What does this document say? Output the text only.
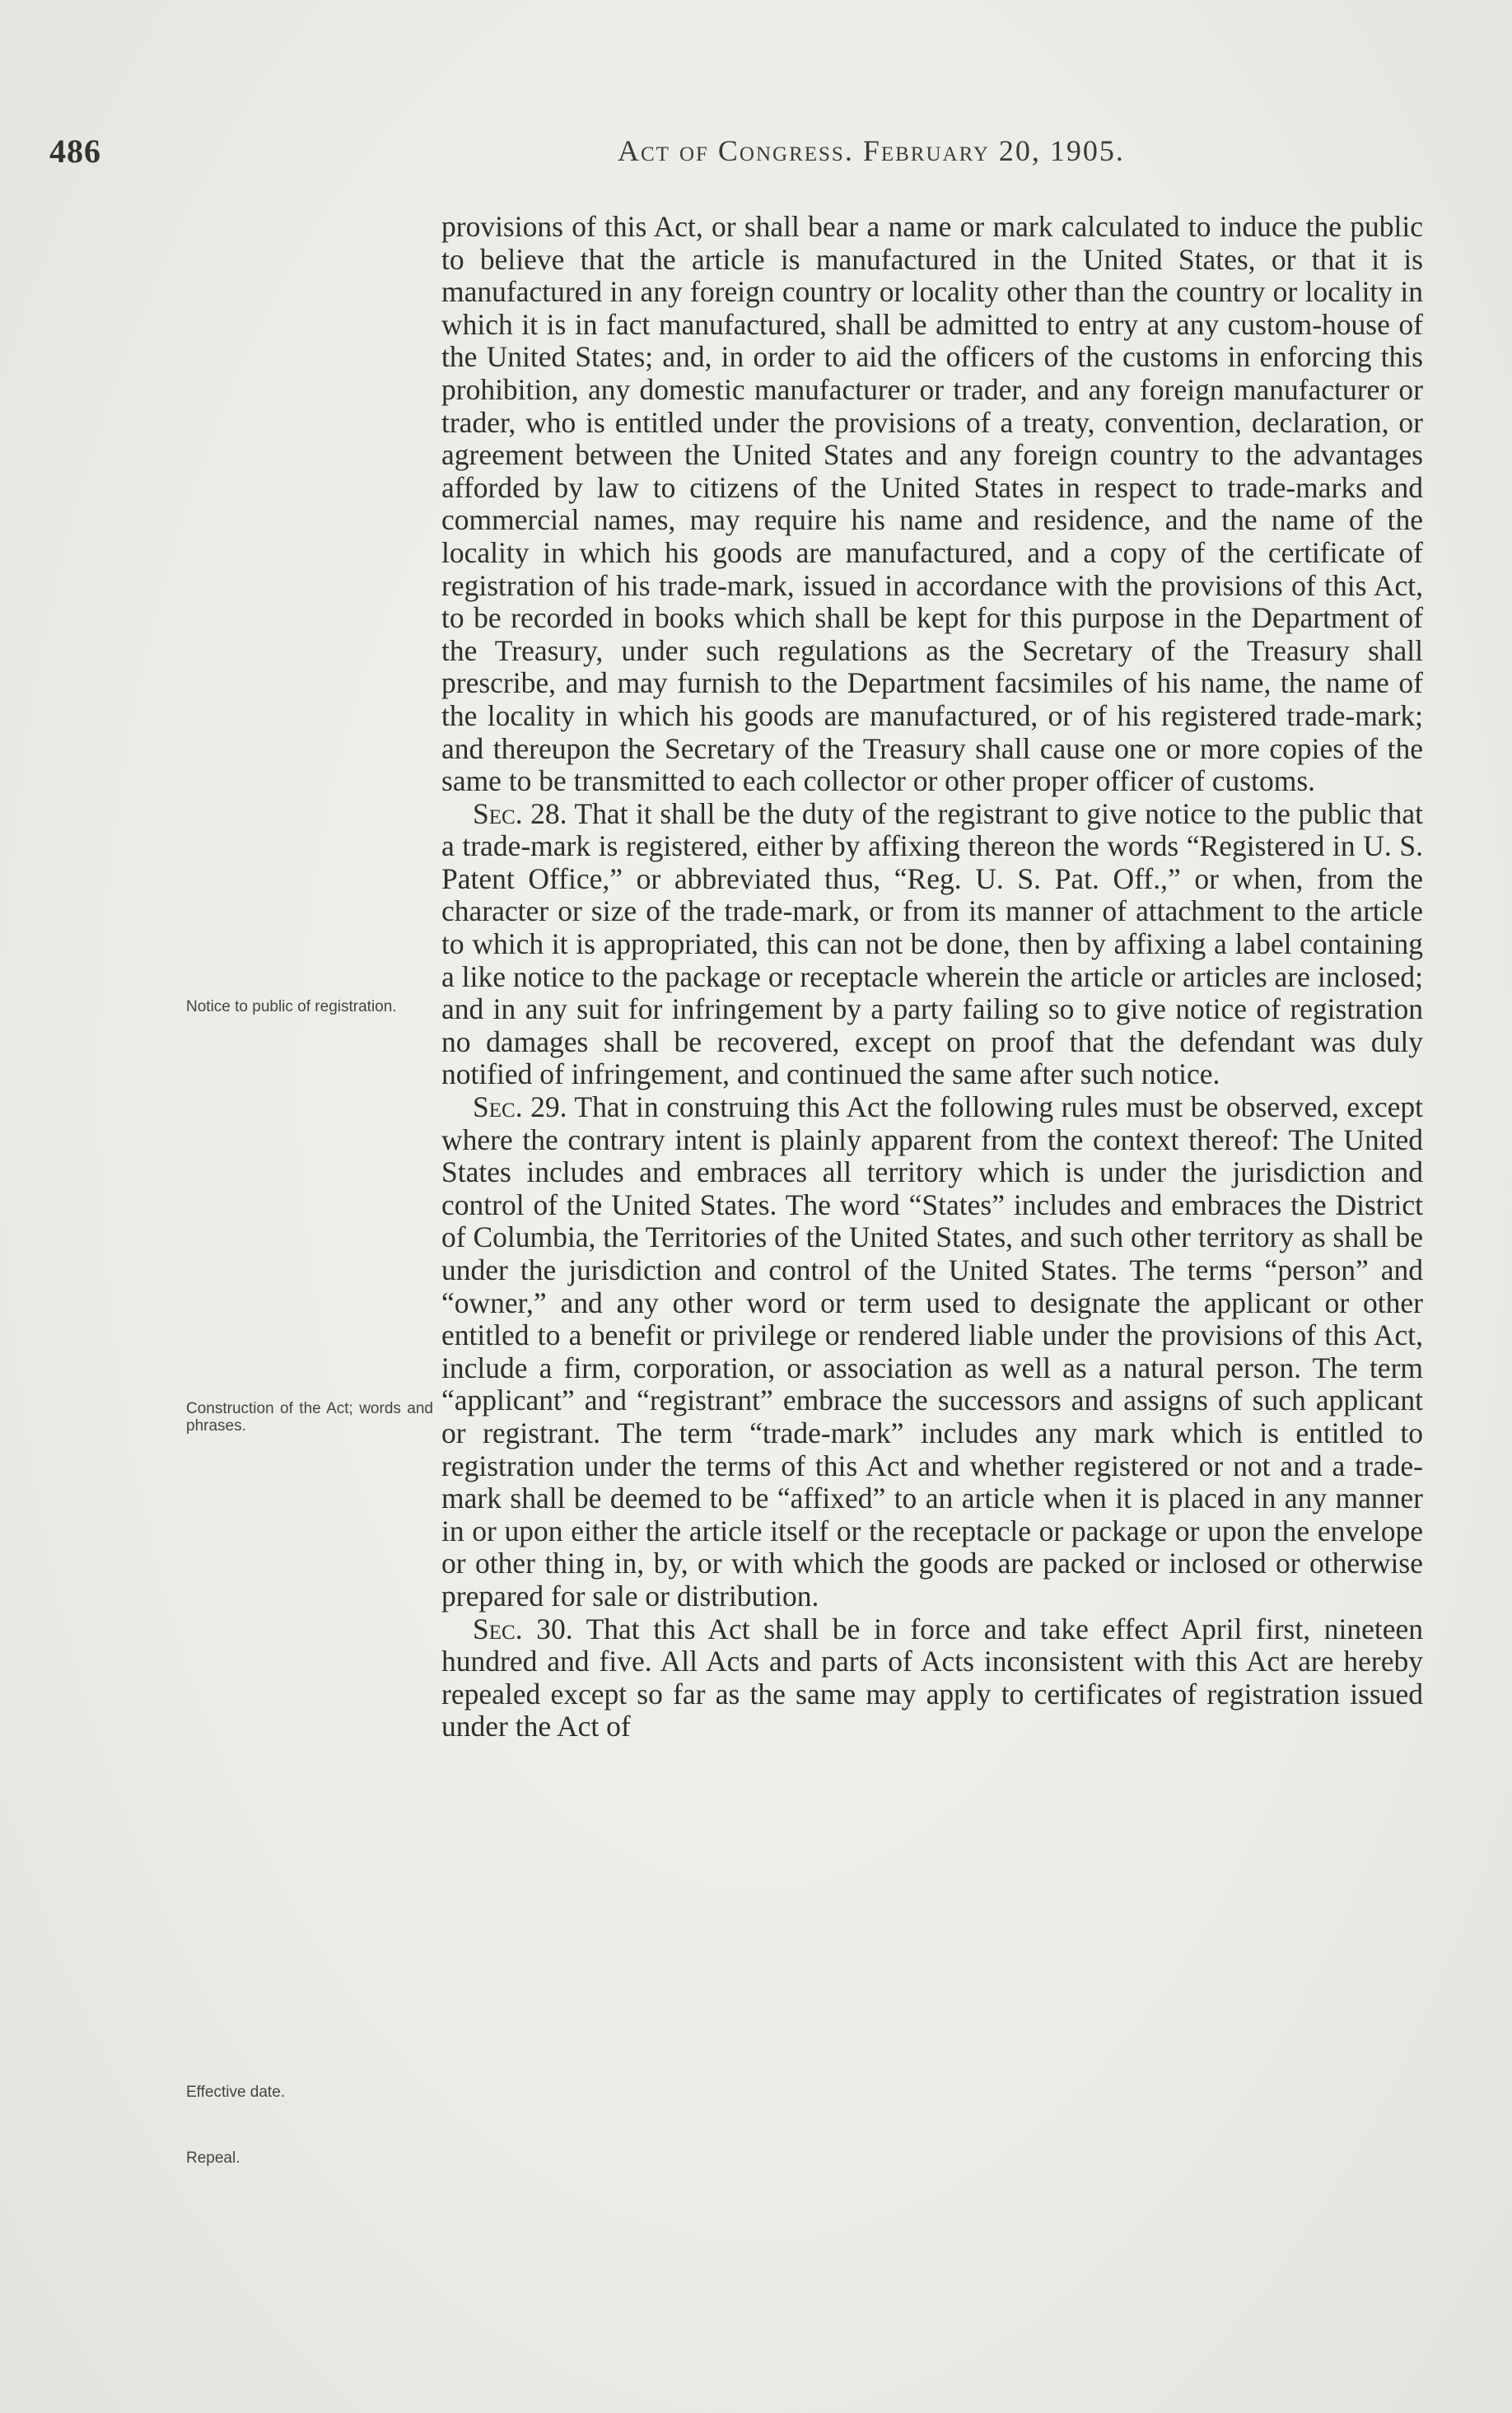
486	Act of Congress. February 20, 1905.
Notice to public of registration.
Construction of the Act; words and phrases.
Effective date.
Repeal.

provisions of this Act, or shall bear a name or mark calculated to induce the public to believe that the article is manufactured in the United States, or that it is manufactured in any foreign country or locality other than the country or locality in which it is in fact manufactured, shall be admitted to entry at any custom-house of the United States; and, in order to aid the officers of the customs in enforcing this prohibition, any domestic manufacturer or trader, and any foreign manufacturer or trader, who is entitled under the provisions of a treaty, convention, declaration, or agreement between the United States and any foreign country to the advantages afforded by law to citizens of the United States in respect to trade-marks and commercial names, may require his name and residence, and the name of the locality in which his goods are manufactured, and a copy of the certificate of registration of his trade-mark, issued in accordance with the provisions of this Act, to be recorded in books which shall be kept for this purpose in the Department of the Treasury, under such regulations as the Secretary of the Treasury shall prescribe, and may furnish to the Department facsimiles of his name, the name of the locality in which his goods are manufactured, or of his registered trade-mark; and thereupon the Secretary of the Treasury shall cause one or more copies of the same to be transmitted to each collector or other proper officer of customs.

Sec. 28. That it shall be the duty of the registrant to give notice to the public that a trade-mark is registered, either by affixing thereon the words “Registered in U. S. Patent Office,” or abbreviated thus, “Reg. U. S. Pat. Off.,” or when, from the character or size of the trade-mark, or from its manner of attachment to the article to which it is appropriated, this can not be done, then by affixing a label containing a like notice to the package or receptacle wherein the article or articles are inclosed; and in any suit for infringement by a party failing so to give notice of registration no damages shall be recovered, except on proof that the defendant was duly notified of infringement, and continued the same after such notice.

Sec. 29. That in construing this Act the following rules must be observed, except where the contrary intent is plainly apparent from the context thereof: The United States includes and embraces all territory which is under the jurisdiction and control of the United States. The word “States” includes and embraces the District of Columbia, the Territories of the United States, and such other territory as shall be under the jurisdiction and control of the United States. The terms “person” and “owner,” and any other word or term used to designate the applicant or other entitled to a benefit or privilege or rendered liable under the provisions of this Act, include a firm, corporation, or association as well as a natural person. The term “applicant” and “registrant” embrace the successors and assigns of such applicant or registrant. The term “trade-mark” includes any mark which is entitled to registration under the terms of this Act and whether registered or not and a trade-mark shall be deemed to be “affixed” to an article when it is placed in any manner in or upon either the article itself or the receptacle or package or upon the envelope or other thing in, by, or with which the goods are packed or inclosed or otherwise prepared for sale or distribution.

Sec. 30. That this Act shall be in force and take effect April first, nineteen hundred and five. All Acts and parts of Acts inconsistent with this Act are hereby repealed except so far as the same may apply to certificates of registration issued under the Act of
